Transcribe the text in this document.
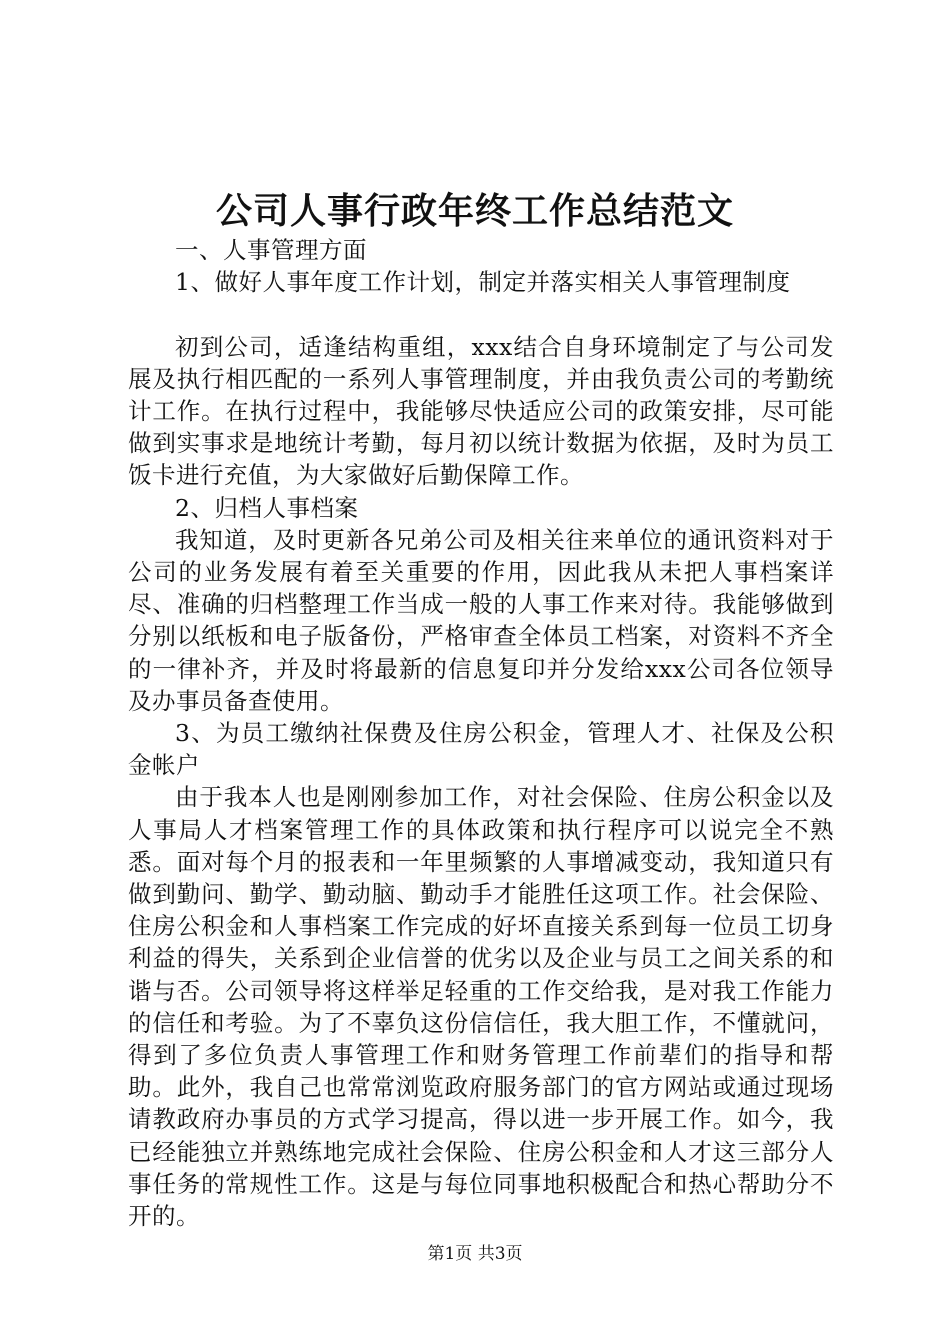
公司人事行政年终工作总结范文

一、人事管理方面

1、做好人事年度工作计划，制定并落实相关人事管理制度

初到公司，适逢结构重组，xxx结合自身环境制定了与公司发展及执行相匹配的一系列人事管理制度，并由我负责公司的考勤统计工作。在执行过程中，我能够尽快适应公司的政策安排，尽可能做到实事求是地统计考勤，每月初以统计数据为依据，及时为员工饭卡进行充值，为大家做好后勤保障工作。

2、归档人事档案

我知道，及时更新各兄弟公司及相关往来单位的通讯资料对于公司的业务发展有着至关重要的作用，因此我从未把人事档案详尽、准确的归档整理工作当成一般的人事工作来对待。我能够做到分别以纸板和电子版备份，严格审查全体员工档案，对资料不齐全的一律补齐，并及时将最新的信息复印并分发给xxx公司各位领导及办事员备查使用。

3、为员工缴纳社保费及住房公积金，管理人才、社保及公积金帐户

由于我本人也是刚刚参加工作，对社会保险、住房公积金以及人事局人才档案管理工作的具体政策和执行程序可以说完全不熟悉。面对每个月的报表和一年里频繁的人事增减变动，我知道只有做到勤问、勤学、勤动脑、勤动手才能胜任这项工作。社会保险、住房公积金和人事档案工作完成的好坏直接关系到每一位员工切身利益的得失，关系到企业信誉的优劣以及企业与员工之间关系的和谐与否。公司领导将这样举足轻重的工作交给我，是对我工作能力的信任和考验。为了不辜负这份信信任，我大胆工作，不懂就问，得到了多位负责人事管理工作和财务管理工作前辈们的指导和帮助。此外，我自己也常常浏览政府服务部门的官方网站或通过现场请教政府办事员的方式学习提高，得以进一步开展工作。如今，我已经能独立并熟练地完成社会保险、住房公积金和人才这三部分人事任务的常规性工作。这是与每位同事地积极配合和热心帮助分不开的。

第1页 共3页
